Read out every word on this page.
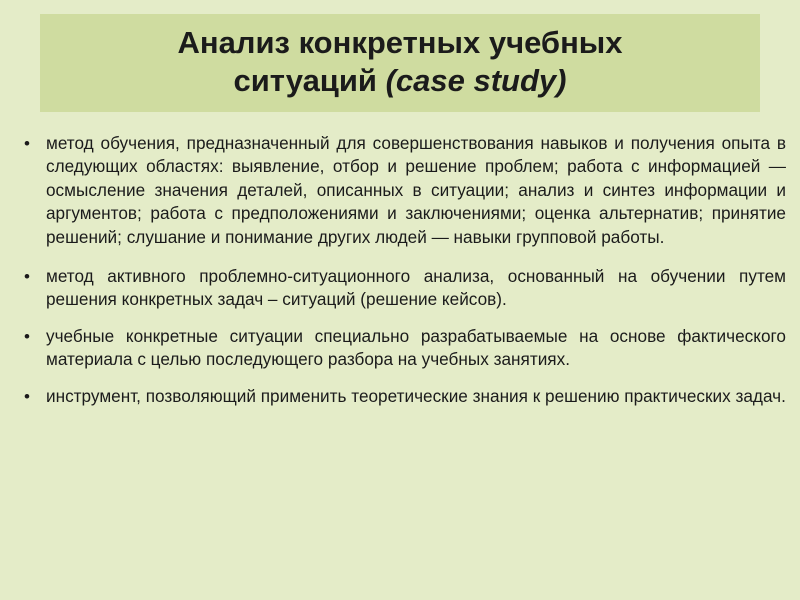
Анализ конкретных учебных
ситуаций (case study)
• метод обучения, предназначенный для совершенствования навыков и получения опыта в следующих областях: выявление, отбор и решение проблем; работа с информацией — осмысление значения деталей, описанных в ситуации; анализ и синтез информации и аргументов; работа с предположениями и заключениями; оценка альтернатив; принятие решений; слушание и понимание других людей — навыки групповой работы.
• метод активного проблемно-ситуационного анализа, основанный на обучении путем решения конкретных задач – ситуаций (решение кейсов).
• учебные конкретные ситуации специально разрабатываемые на основе фактического материала с целью последующего разбора на учебных занятиях.
• инструмент, позволяющий применить теоретические знания к решению практических задач.
